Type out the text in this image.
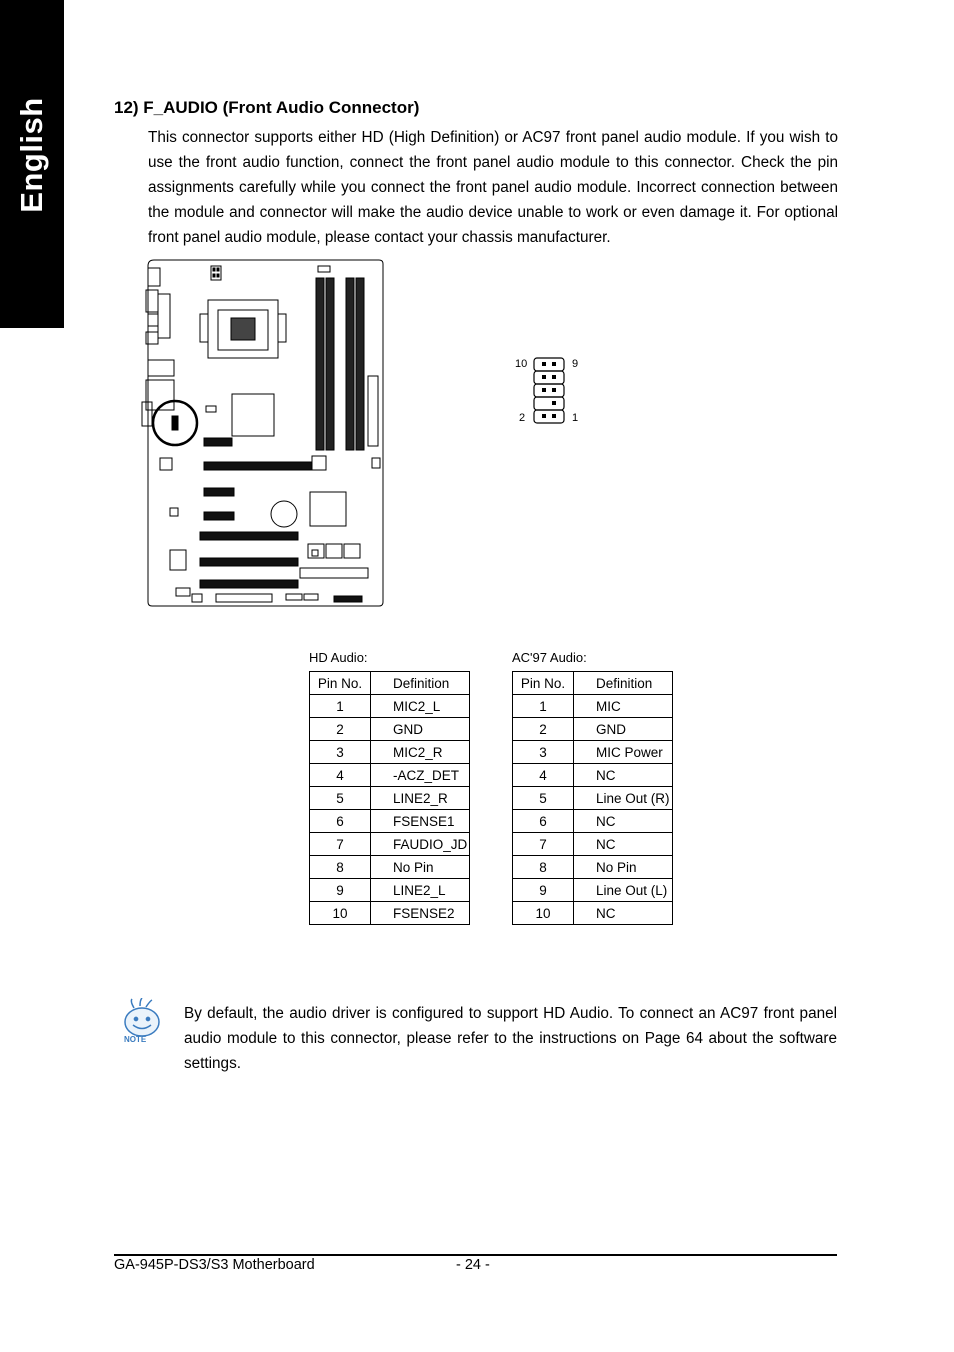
English	12) F_AUDIO (Front Audio Connector)
This connector supports either HD (High Definition) or AC97 front panel audio module. If you wish to use the front audio function, connect the front panel audio module to this connector. Check the pin assignments carefully while you connect the front panel audio module. Incorrect connection between the module and connector will make the audio device unable to work or even damage it. For optional front panel audio module, please contact your chassis manufacturer.
10	9
2	1
HD Audio:
Pin No.	Definition
1	MIC2_L
2	GND
3	MIC2_R
4	-ACZ_DET
5	LINE2_R
6	FSENSE1
7	FAUDIO_JD
8	No Pin
9	LINE2_L
10	FSENSE2
AC'97 Audio:
Pin No.	Definition
1	MIC
2	GND
3	MIC Power
4	NC
5	Line Out (R)
6	NC
7	NC
8	No Pin
9	Line Out (L)
10	NC
NOTE
By default, the audio driver is configured to support HD Audio. To connect an AC97 front panel audio module to this connector, please refer to the instructions on Page 64 about the software settings.
GA-945P-DS3/S3 Motherboard	- 24 -
